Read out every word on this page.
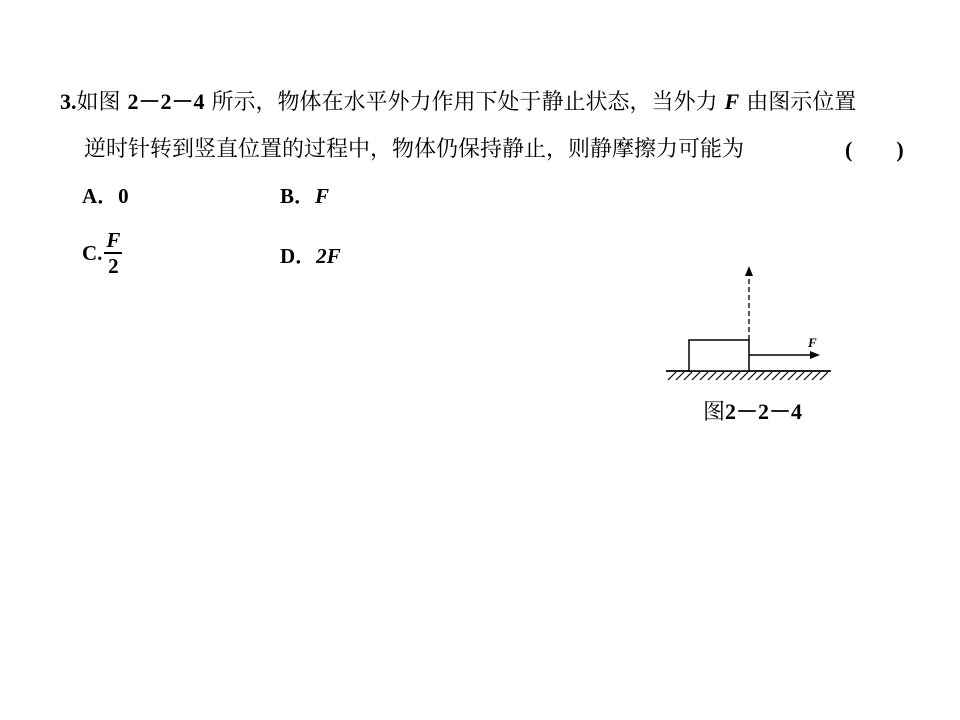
3.如图 2－2－4 所示，物体在水平外力作用下处于静止状态，当外力 F 由图示位置
逆时针转到竖直位置的过程中，物体仍保持静止，则静摩擦力可能为	(　　)
A．0	B．F
C. $\frac{F}{2}$	D．2F
F
图2－2－4
